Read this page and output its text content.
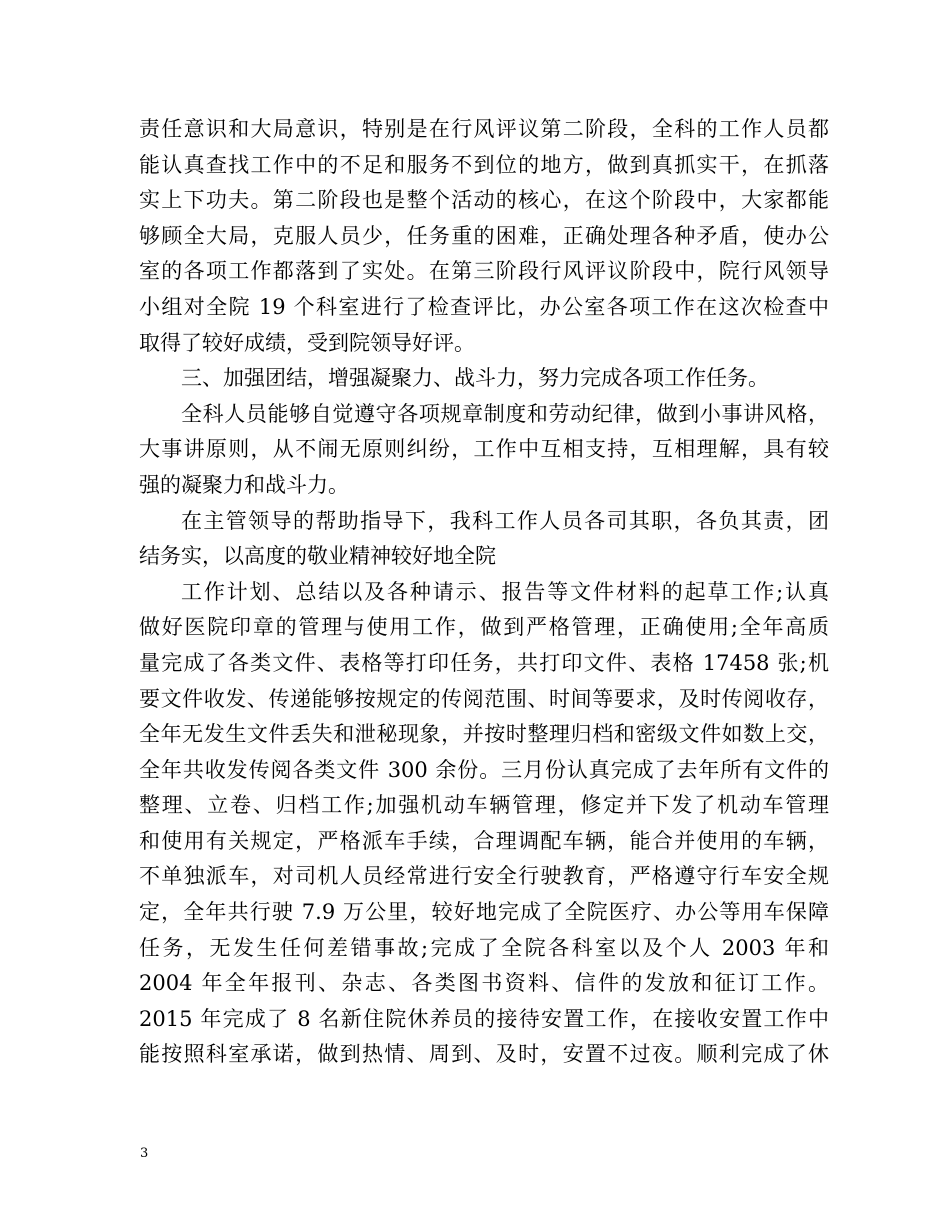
责任意识和大局意识，特别是在行风评议第二阶段，全科的工作人员都
能认真查找工作中的不足和服务不到位的地方，做到真抓实干，在抓落
实上下功夫。第二阶段也是整个活动的核心，在这个阶段中，大家都能
够顾全大局，克服人员少，任务重的困难，正确处理各种矛盾，使办公
室的各项工作都落到了实处。在第三阶段行风评议阶段中，院行风领导
小组对全院 19 个科室进行了检查评比，办公室各项工作在这次检查中
取得了较好成绩，受到院领导好评。
三、加强团结，增强凝聚力、战斗力，努力完成各项工作任务。
全科人员能够自觉遵守各项规章制度和劳动纪律，做到小事讲风格，
大事讲原则，从不闹无原则纠纷，工作中互相支持，互相理解，具有较
强的凝聚力和战斗力。
在主管领导的帮助指导下，我科工作人员各司其职，各负其责，团
结务实，以高度的敬业精神较好地全院
工作计划、总结以及各种请示、报告等文件材料的起草工作;认真
做好医院印章的管理与使用工作，做到严格管理，正确使用;全年高质
量完成了各类文件、表格等打印任务，共打印文件、表格 17458 张;机
要文件收发、传递能够按规定的传阅范围、时间等要求，及时传阅收存，
全年无发生文件丢失和泄秘现象，并按时整理归档和密级文件如数上交，
全年共收发传阅各类文件 300 余份。三月份认真完成了去年所有文件的
整理、立卷、归档工作;加强机动车辆管理，修定并下发了机动车管理
和使用有关规定，严格派车手续，合理调配车辆，能合并使用的车辆，
不单独派车，对司机人员经常进行安全行驶教育，严格遵守行车安全规
定，全年共行驶 7.9 万公里，较好地完成了全院医疗、办公等用车保障
任务，无发生任何差错事故;完成了全院各科室以及个人 2003 年和
2004 年全年报刊、杂志、各类图书资料、信件的发放和征订工作。
2015 年完成了 8 名新住院休养员的接待安置工作，在接收安置工作中
能按照科室承诺，做到热情、周到、及时，安置不过夜。顺利完成了休
3
